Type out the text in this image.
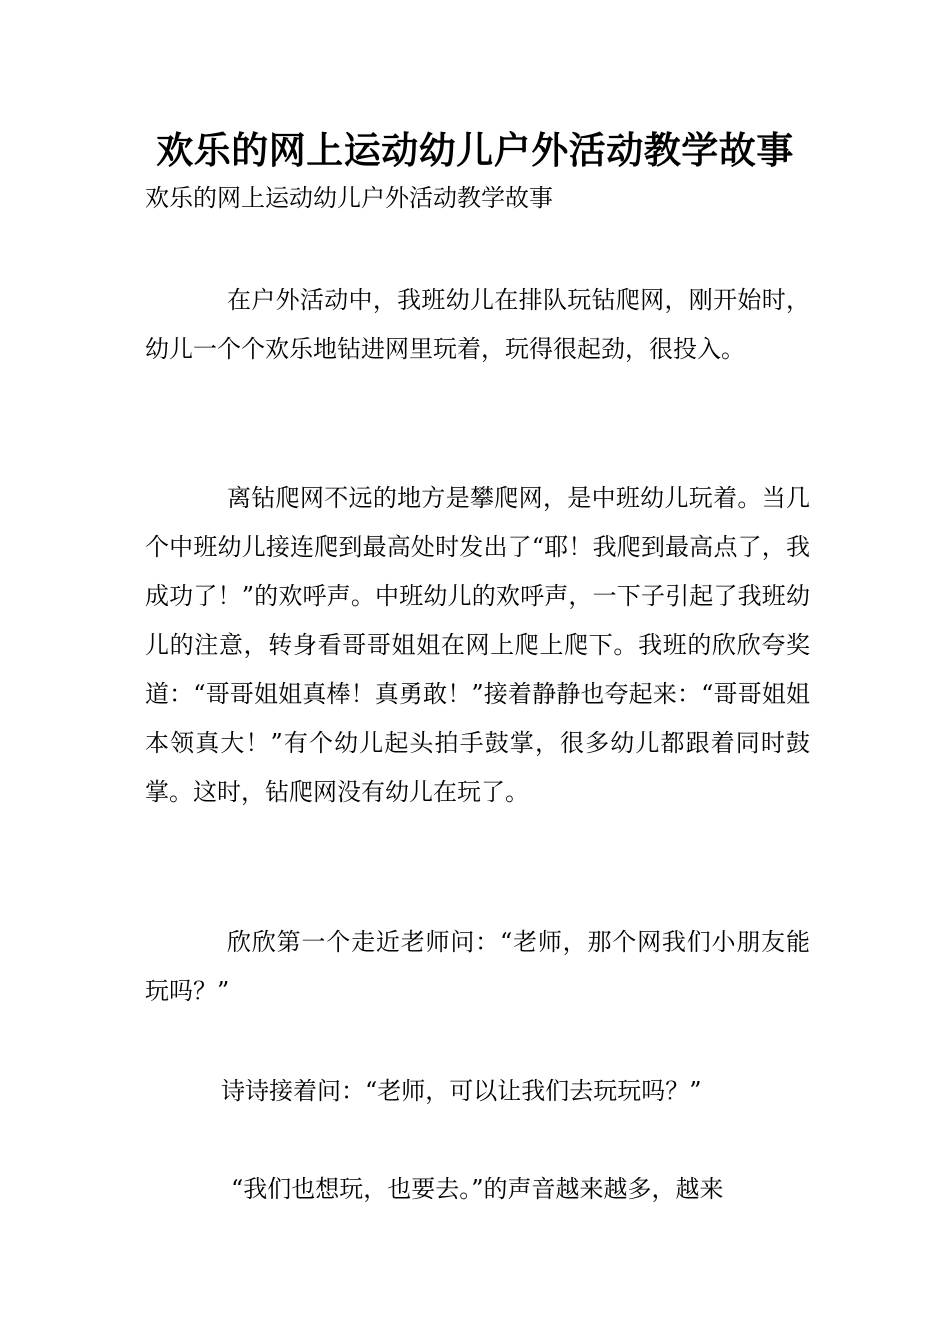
欢乐的网上运动幼儿户外活动教学故事

欢乐的网上运动幼儿户外活动教学故事

在户外活动中，我班幼儿在排队玩钻爬网，刚开始时，幼儿一个个欢乐地钻进网里玩着，玩得很起劲，很投入。

离钻爬网不远的地方是攀爬网，是中班幼儿玩着。当几个中班幼儿接连爬到最高处时发出了“耶！我爬到最高点了，我成功了！”的欢呼声。中班幼儿的欢呼声，一下子引起了我班幼儿的注意，转身看哥哥姐姐在网上爬上爬下。我班的欣欣夸奖道：“哥哥姐姐真棒！真勇敢！”接着静静也夸起来：“哥哥姐姐本领真大！”有个幼儿起头拍手鼓掌，很多幼儿都跟着同时鼓掌。这时，钻爬网没有幼儿在玩了。

欣欣第一个走近老师问：“老师，那个网我们小朋友能玩吗？”

诗诗接着问：“老师，可以让我们去玩玩吗？”

“我们也想玩，也要去。”的声音越来越多，越来
